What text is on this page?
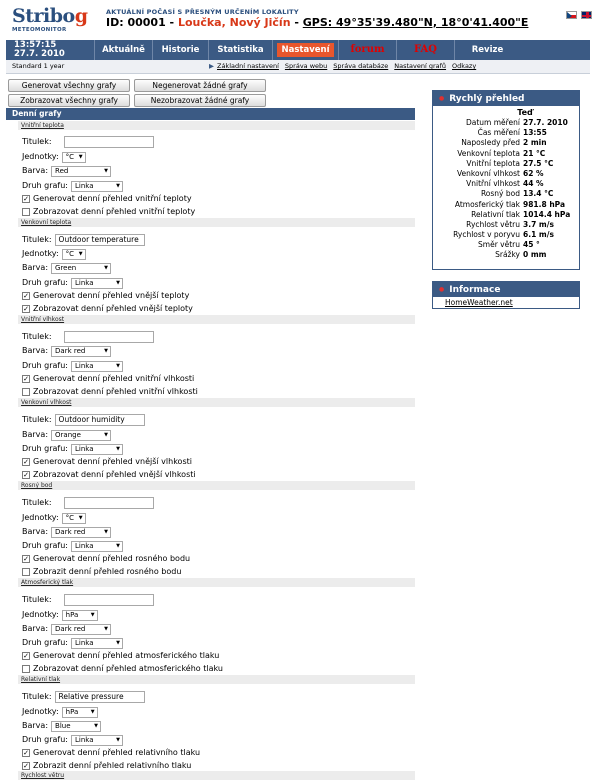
Stribog
METEOMONITOR
AKTUÁLNÍ POČASÍ S PŘESNÝM URČENÍM LOKALITY
ID: 00001 - Loučka, Nový Jičín - GPS: 49°35'39.480"N, 18°0'41.400"E
13:57:15
27.7. 2010	Aktuálně	Historie	Statistika	Nastavení	forum	FAQ	Revize
Standard 1 year	▶ Základní nastavení Správa webu Správa databáze Nastavení grafů Odkazy
Generovat všechny grafy	Negenerovat žádné grafy
Zobrazovat všechny grafy	Nezobrazovat žádné grafy
Denní grafy
Vnitřní teplota
Titulek:
Jednotky: °C ▼
Barva: Red ▼
Druh grafu: Linka ▼
✓ Generovat denní přehled vnitřní teploty
Zobrazovat denní přehled vnitřní teploty
Venkovní teplota
Titulek: Outdoor temperature
Jednotky: °C ▼
Barva: Green ▼
Druh grafu: Linka ▼
✓ Generovat denní přehled vnější teploty
✓ Zobrazovat denní přehled vnější teploty
Vnitřní vlhkost
Titulek:
Barva: Dark red ▼
Druh grafu: Linka ▼
✓ Generovat denní přehled vnitřní vlhkosti
Zobrazovat denní přehled vnitřní vlhkosti
Venkovní vlhkost
Titulek: Outdoor humidity
Barva: Orange ▼
Druh grafu: Linka ▼
✓ Generovat denní přehled vnější vlhkosti
✓ Zobrazovat denní přehled vnější vlhkosti
Rosný bod
Titulek:
Jednotky: °C ▼
Barva: Dark red ▼
Druh grafu: Linka ▼
✓ Generovat denní přehled rosného bodu
Zobrazit denní přehled rosného bodu
Atmosferický tlak
Titulek:
Jednotky: hPa ▼
Barva: Dark red ▼
Druh grafu: Linka ▼
✓ Generovat denní přehled atmosferického tlaku
Zobrazovat denní přehled atmosferického tlaku
Relativní tlak
Titulek: Relative pressure
Jednotky: hPa ▼
Barva: Blue ▼
Druh grafu: Linka ▼
✓ Generovat denní přehled relativního tlaku
✓ Zobrazit denní přehled relativního tlaku
Rychlost větru
● Rychlý přehled
Teď
Datum měření 27.7. 2010
Čas měření 13:55
Naposledy před 2 min
Venkovní teplota 21 °C
Vnitřní teplota 27.5 °C
Venkovní vlhkost 62 %
Vnitřní vlhkost 44 %
Rosný bod 13.4 °C
Atmosferický tlak 981.8 hPa
Relativní tlak 1014.4 hPa
Rychlost větru 3.7 m/s
Rychlost v poryvu 6.1 m/s
Směr větru 45 °
Srážky 0 mm
● Informace
HomeWeather.net
